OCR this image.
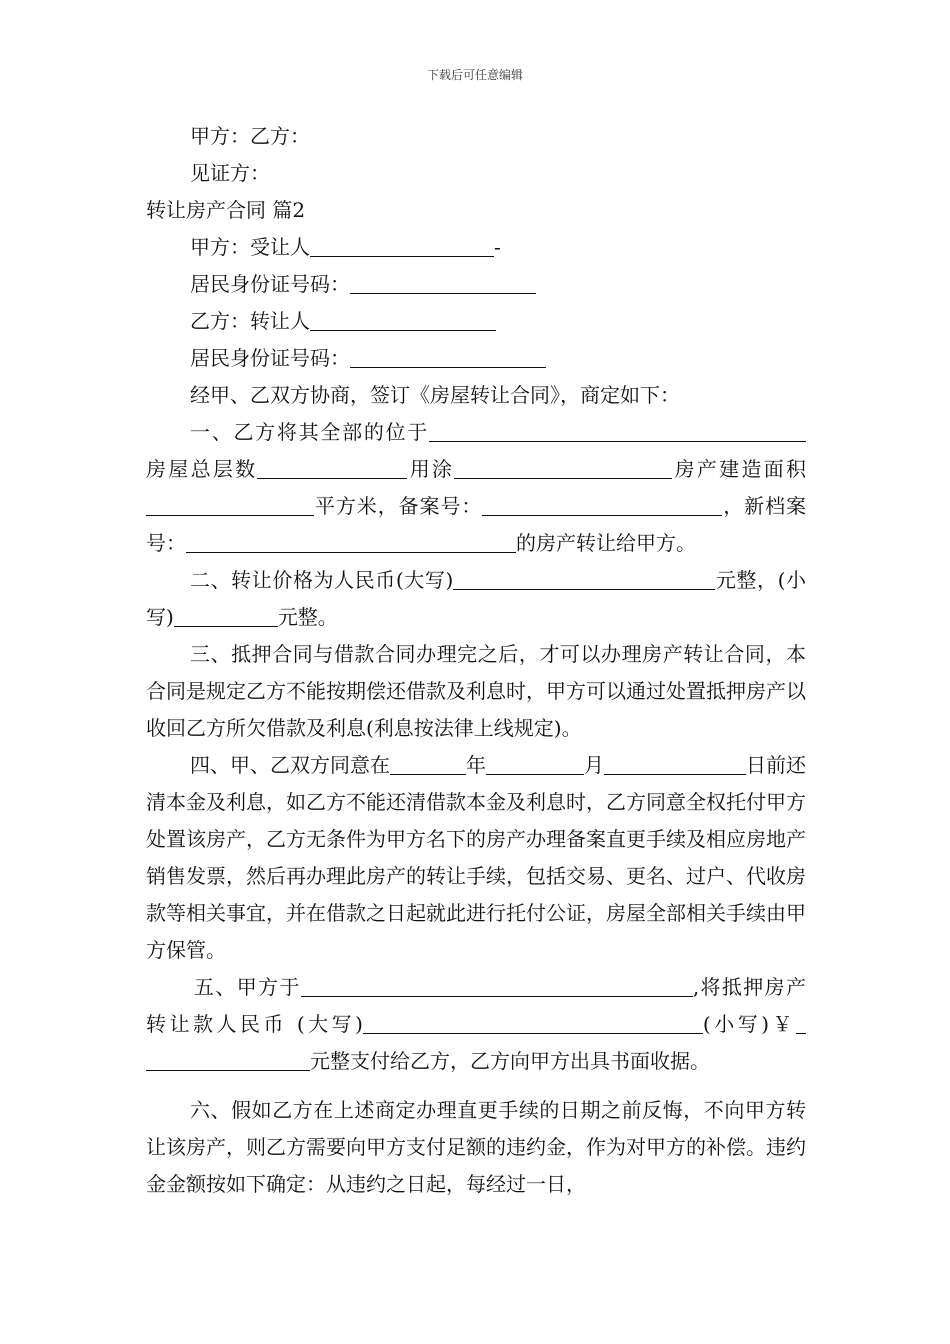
下载后可任意编辑

甲方：乙方：

见证方：

转让房产合同 篇2

甲方：受让人	-

居民身份证号码：

乙方：转让人

居民身份证号码：

经甲、乙双方协商，签订《房屋转让合同》，商定如下：

一、乙方将其全部的位于房屋总层数	用涂	房产建造面积平方米，备案号：	，新档案号：	的房产转让给甲方。

二、转让价格为人民币(大写)	元整，(小写)	元整。

三、抵押合同与借款合同办理完之后，才可以办理房产转让合同，本合同是规定乙方不能按期偿还借款及利息时，甲方可以通过处置抵押房产以收回乙方所欠借款及利息(利息按法律上线规定)。

四、甲、乙双方同意在	年	月	日前还清本金及利息，如乙方不能还清借款本金及利息时，乙方同意全权托付甲方处置该房产，乙方无条件为甲方名下的房产办理备案直更手续及相应房地产销售发票，然后再办理此房产的转让手续，包括交易、更名、过户、代收房款等相关事宜，并在借款之日起就此进行托付公证，房屋全部相关手续由甲方保管。

五、甲方于	,将抵押房产转让款人民币 (大写)	(小写)￥元整支付给乙方，乙方向甲方出具书面收据。

六、假如乙方在上述商定办理直更手续的日期之前反悔，不向甲方转让该房产，则乙方需要向甲方支付足额的违约金，作为对甲方的补偿。违约金金额按如下确定：从违约之日起，每经过一日，
